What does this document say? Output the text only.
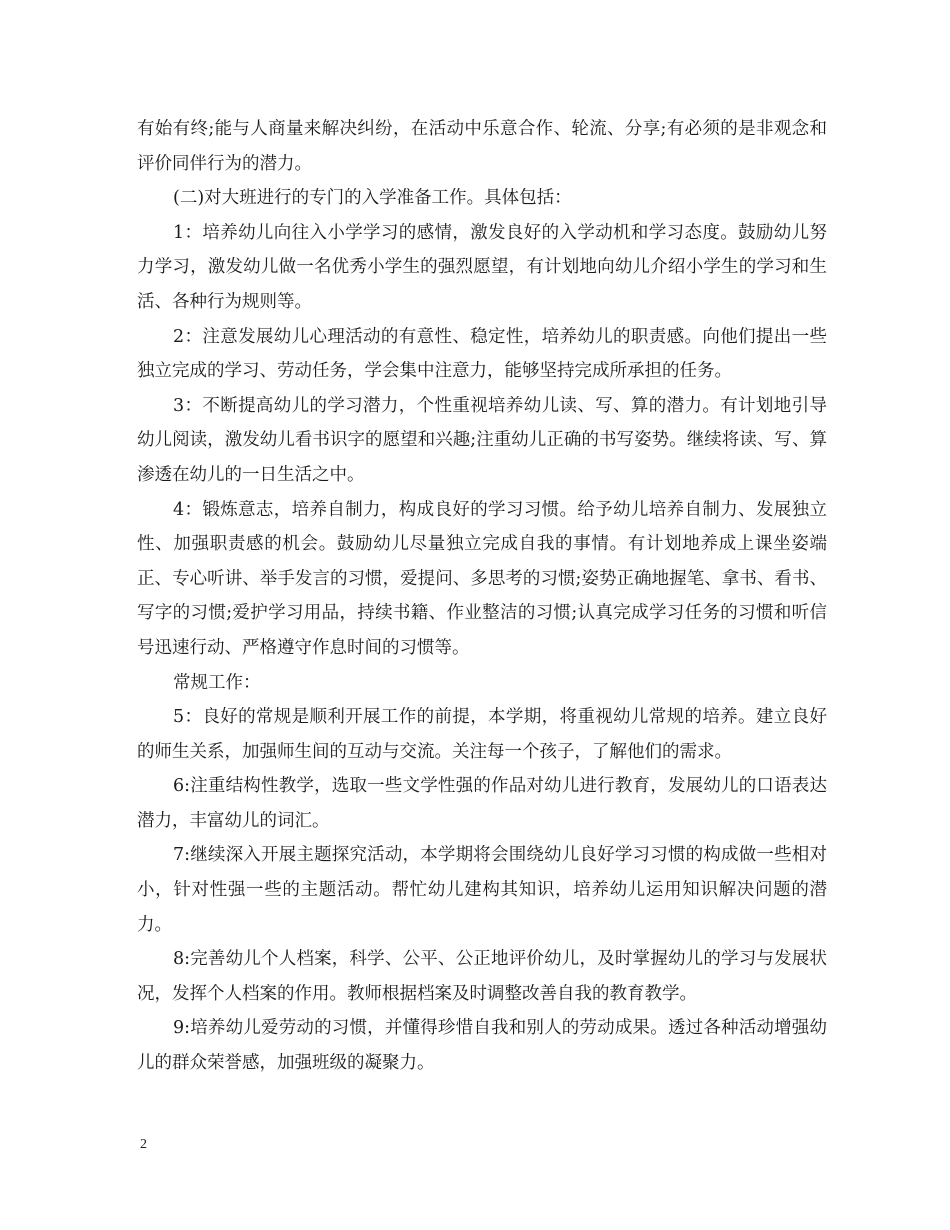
有始有终;能与人商量来解决纠纷，在活动中乐意合作、轮流、分享;有必须的是非观念和评价同伴行为的潜力。

(二)对大班进行的专门的入学准备工作。具体包括：

1：培养幼儿向往入小学学习的感情，激发良好的入学动机和学习态度。鼓励幼儿努力学习，激发幼儿做一名优秀小学生的强烈愿望，有计划地向幼儿介绍小学生的学习和生活、各种行为规则等。

2：注意发展幼儿心理活动的有意性、稳定性，培养幼儿的职责感。向他们提出一些独立完成的学习、劳动任务，学会集中注意力，能够坚持完成所承担的任务。

3：不断提高幼儿的学习潜力，个性重视培养幼儿读、写、算的潜力。有计划地引导幼儿阅读，激发幼儿看书识字的愿望和兴趣;注重幼儿正确的书写姿势。继续将读、写、算渗透在幼儿的一日生活之中。

4：锻炼意志，培养自制力，构成良好的学习习惯。给予幼儿培养自制力、发展独立性、加强职责感的机会。鼓励幼儿尽量独立完成自我的事情。有计划地养成上课坐姿端正、专心听讲、举手发言的习惯，爱提问、多思考的习惯;姿势正确地握笔、拿书、看书、写字的习惯;爱护学习用品，持续书籍、作业整洁的习惯;认真完成学习任务的习惯和听信号迅速行动、严格遵守作息时间的习惯等。

常规工作：

5：良好的常规是顺利开展工作的前提，本学期，将重视幼儿常规的培养。建立良好的师生关系，加强师生间的互动与交流。关注每一个孩子，了解他们的需求。

6:注重结构性教学，选取一些文学性强的作品对幼儿进行教育，发展幼儿的口语表达潜力，丰富幼儿的词汇。

7:继续深入开展主题探究活动，本学期将会围绕幼儿良好学习习惯的构成做一些相对小，针对性强一些的主题活动。帮忙幼儿建构其知识，培养幼儿运用知识解决问题的潜力。

8:完善幼儿个人档案，科学、公平、公正地评价幼儿，及时掌握幼儿的学习与发展状况，发挥个人档案的作用。教师根据档案及时调整改善自我的教育教学。

9:培养幼儿爱劳动的习惯，并懂得珍惜自我和别人的劳动成果。透过各种活动增强幼儿的群众荣誉感，加强班级的凝聚力。

2
